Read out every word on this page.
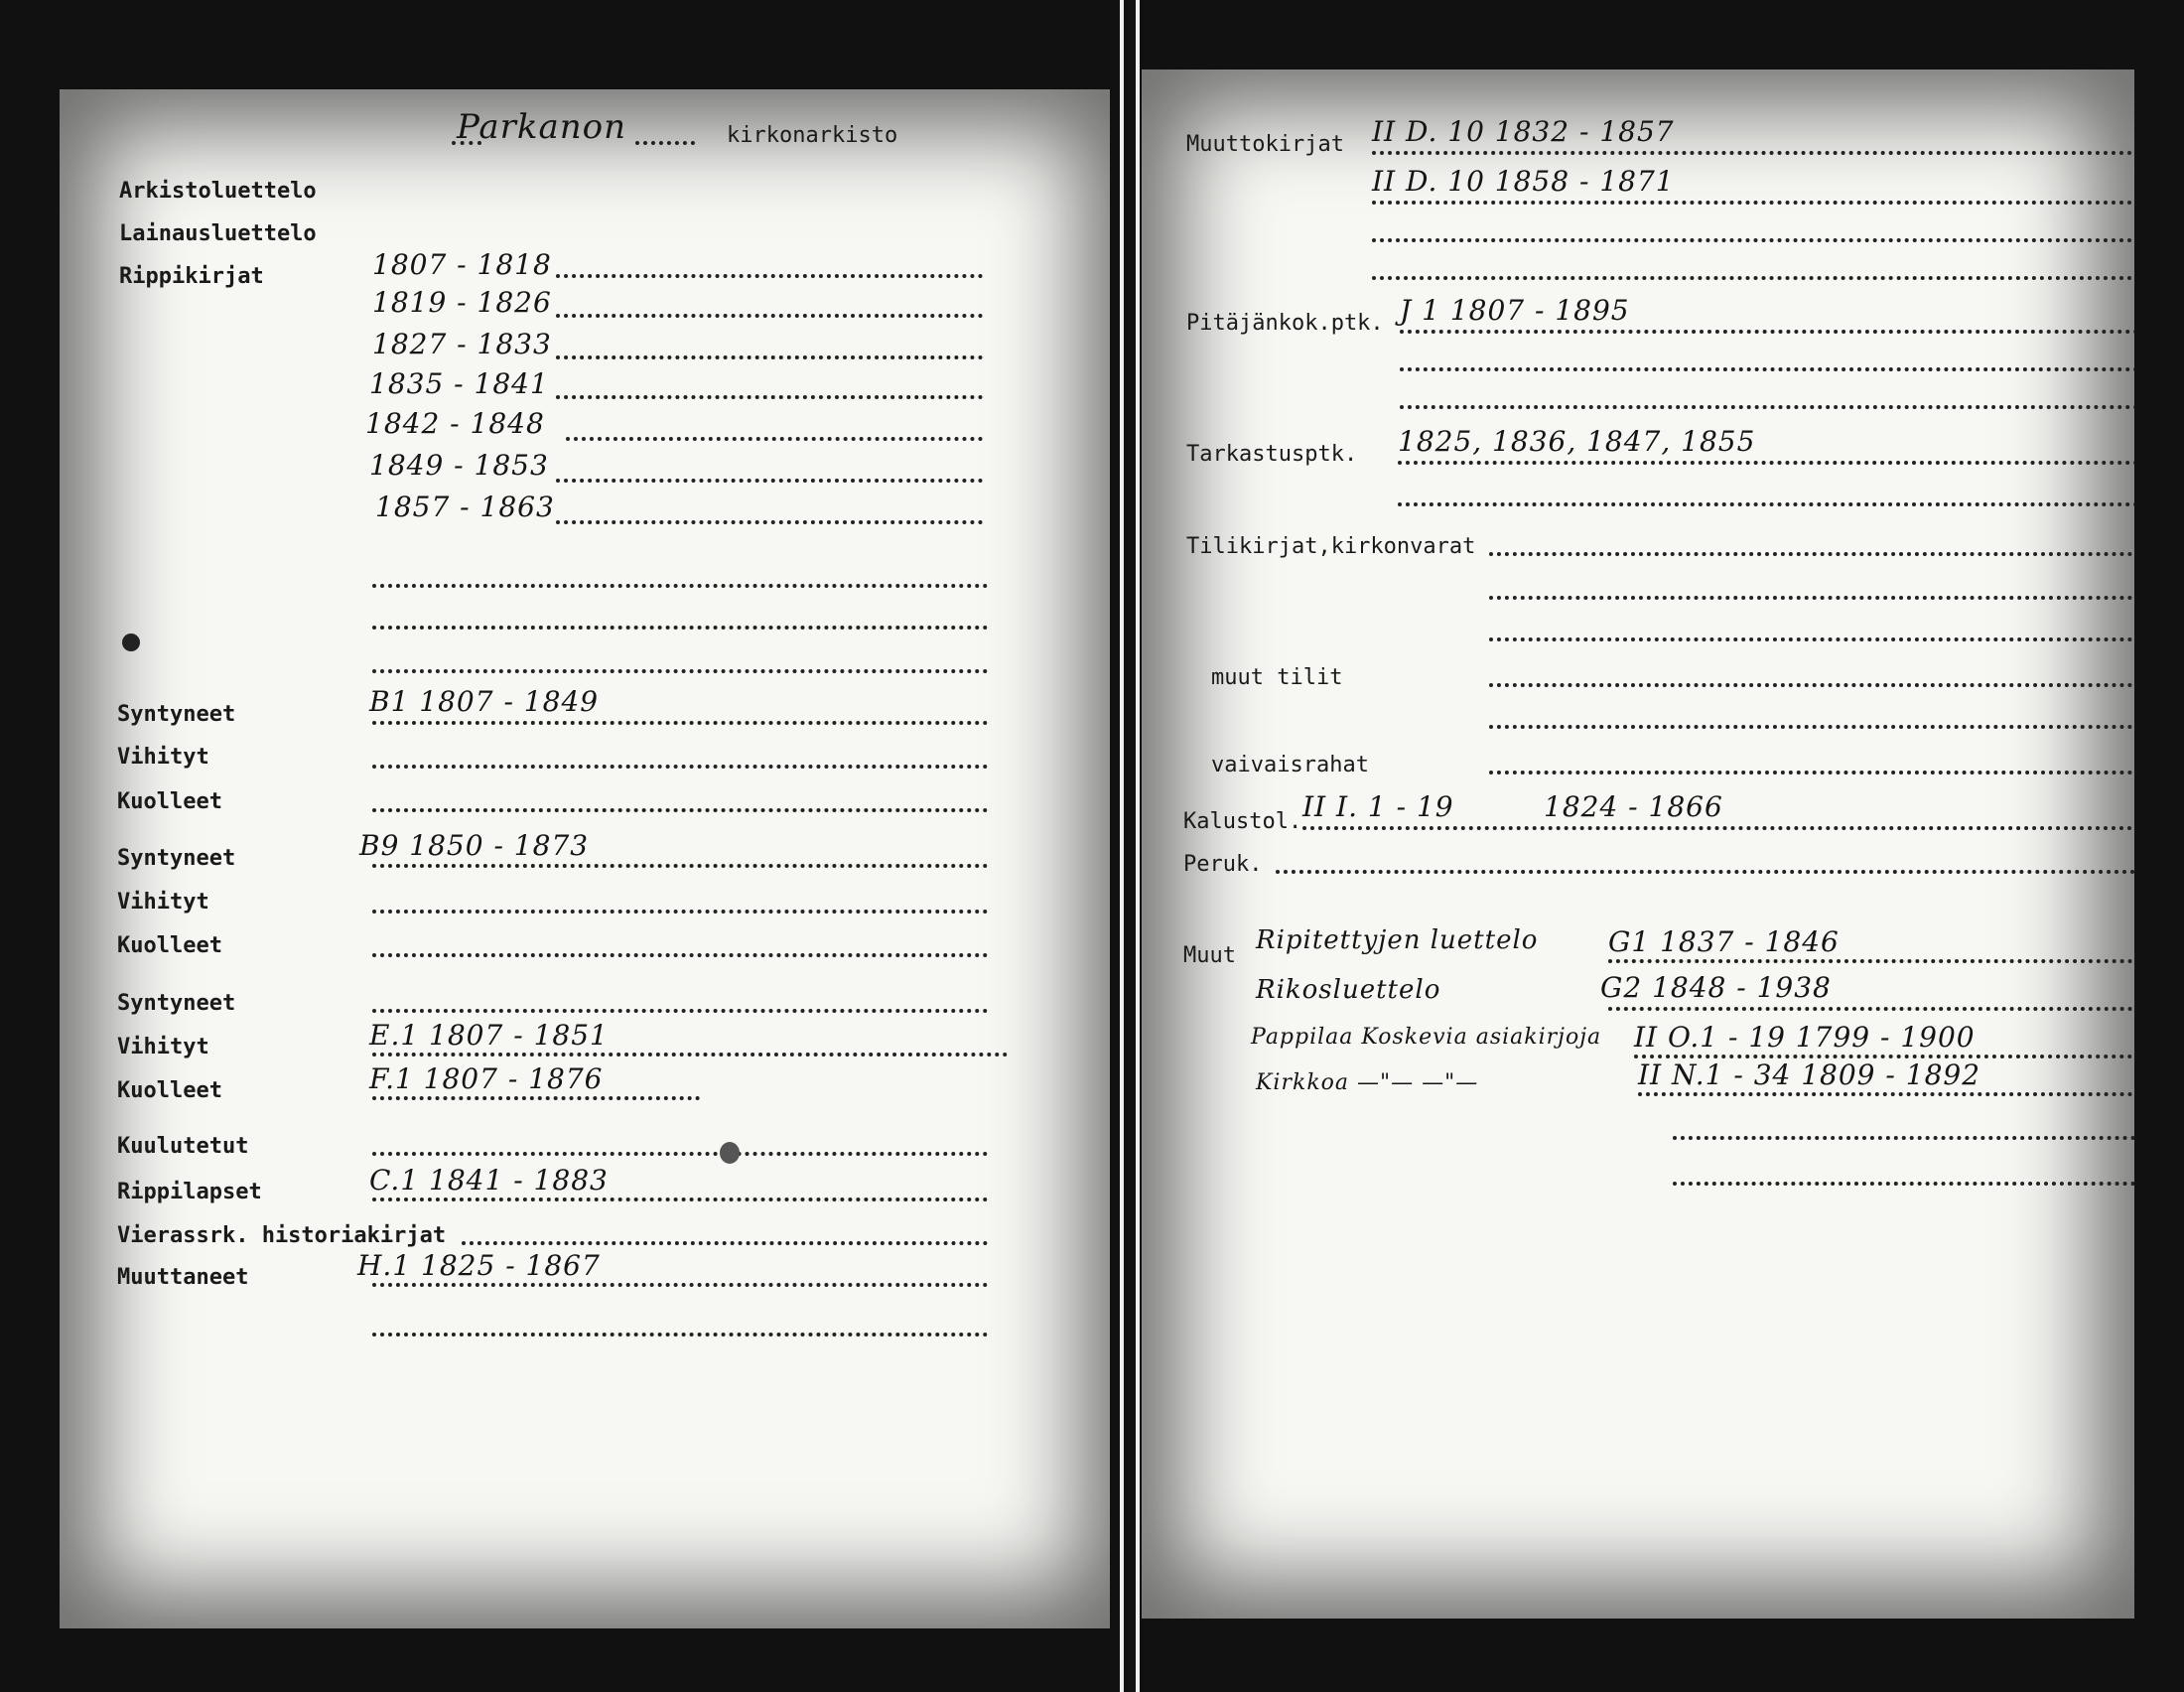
Parkanon	kirkonarkisto
Arkistoluettelo
Lainausluettelo
Rippikirjat	1807 - 1818
1819 - 1826
1827 - 1833
1835 - 1841
1842 - 1848
1849 - 1853
1857 - 1863
Syntyneet	B1 1807 - 1849
Vihityt
Kuolleet
Syntyneet	B9 1850 - 1873
Vihityt
Kuolleet
Syntyneet
Vihityt	E.1 1807 - 1851
Kuolleet	F.1 1807 - 1876
Kuulutetut
Rippilapset	C.1 1841 - 1883
Vierassrk. historiakirjat
Muuttaneet	H.1 1825 - 1867
Muuttokirjat II D. 10 1832 - 1857
II D. 10 1858 - 1871
Pitäjänkok.ptk. J 1 1807 - 1895
Tarkastusptk. 1825, 1836, 1847, 1855
Tilikirjat,kirkonvarat
muut tilit
vaivaisrahat
Kalustol. II I. 1 - 19	1824 - 1866
Peruk.
Muut
Ripitettyjen luettelo	G1 1837 - 1846
Rikosluettelo	G2 1848 - 1938
Pappilaa Koskevia asiakirjoja II O.1 - 19 1799 - 1900
Kirkkoa —"— —"—	II N.1 - 34 1809 - 1892
